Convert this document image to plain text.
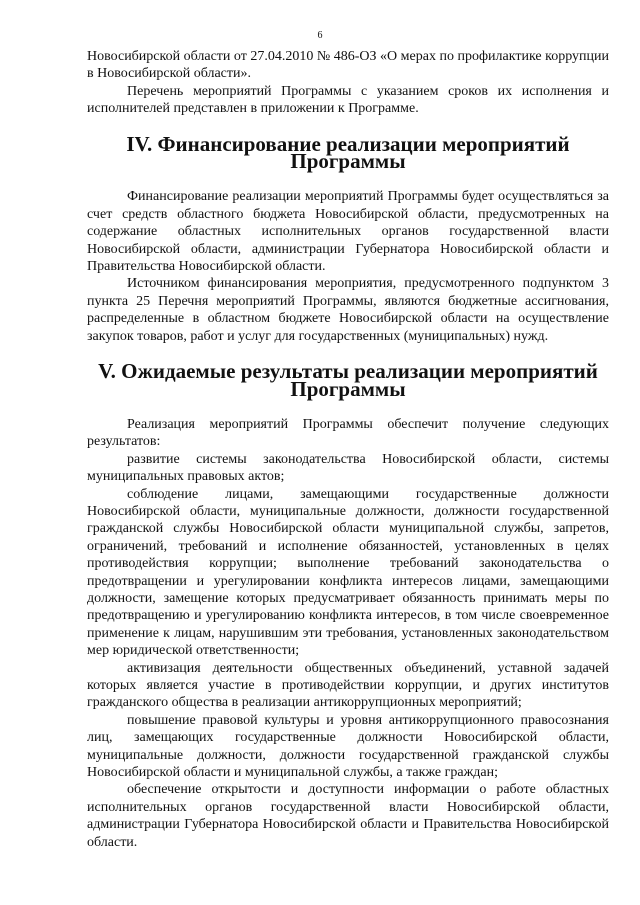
6

Новосибирской области от 27.04.2010 № 486-ОЗ «О мерах по профилактике коррупции в Новосибирской области».

Перечень мероприятий Программы с указанием сроков их исполнения и исполнителей представлен в приложении к Программе.

IV. Финансирование реализации мероприятий Программы

Финансирование реализации мероприятий Программы будет осуществляться за счет средств областного бюджета Новосибирской области, предусмотренных на содержание областных исполнительных органов государственной власти Новосибирской области, администрации Губернатора Новосибирской области и Правительства Новосибирской области.

Источником финансирования мероприятия, предусмотренного подпунктом 3 пункта 25 Перечня мероприятий Программы, являются бюджетные ассигнования, распределенные в областном бюджете Новосибирской области на осуществление закупок товаров, работ и услуг для государственных (муниципальных) нужд.

V. Ожидаемые результаты реализации мероприятий Программы

Реализация мероприятий Программы обеспечит получение следующих результатов:

развитие системы законодательства Новосибирской области, системы муниципальных правовых актов;

соблюдение лицами, замещающими государственные должности Новосибирской области, муниципальные должности, должности государственной гражданской службы Новосибирской области муниципальной службы, запретов, ограничений, требований и исполнение обязанностей, установленных в целях противодействия коррупции; выполнение требований законодательства о предотвращении и урегулировании конфликта интересов лицами, замещающими должности, замещение которых предусматривает обязанность принимать меры по предотвращению и урегулированию конфликта интересов, в том числе своевременное применение к лицам, нарушившим эти требования, установленных законодательством мер юридической ответственности;

активизация деятельности общественных объединений, уставной задачей которых является участие в противодействии коррупции, и других институтов гражданского общества в реализации антикоррупционных мероприятий;

повышение правовой культуры и уровня антикоррупционного правосознания лиц, замещающих государственные должности Новосибирской области, муниципальные должности, должности государственной гражданской службы Новосибирской области и муниципальной службы, а также граждан;

обеспечение открытости и доступности информации о работе областных исполнительных органов государственной власти Новосибирской области, администрации Губернатора Новосибирской области и Правительства Новосибирской области.
